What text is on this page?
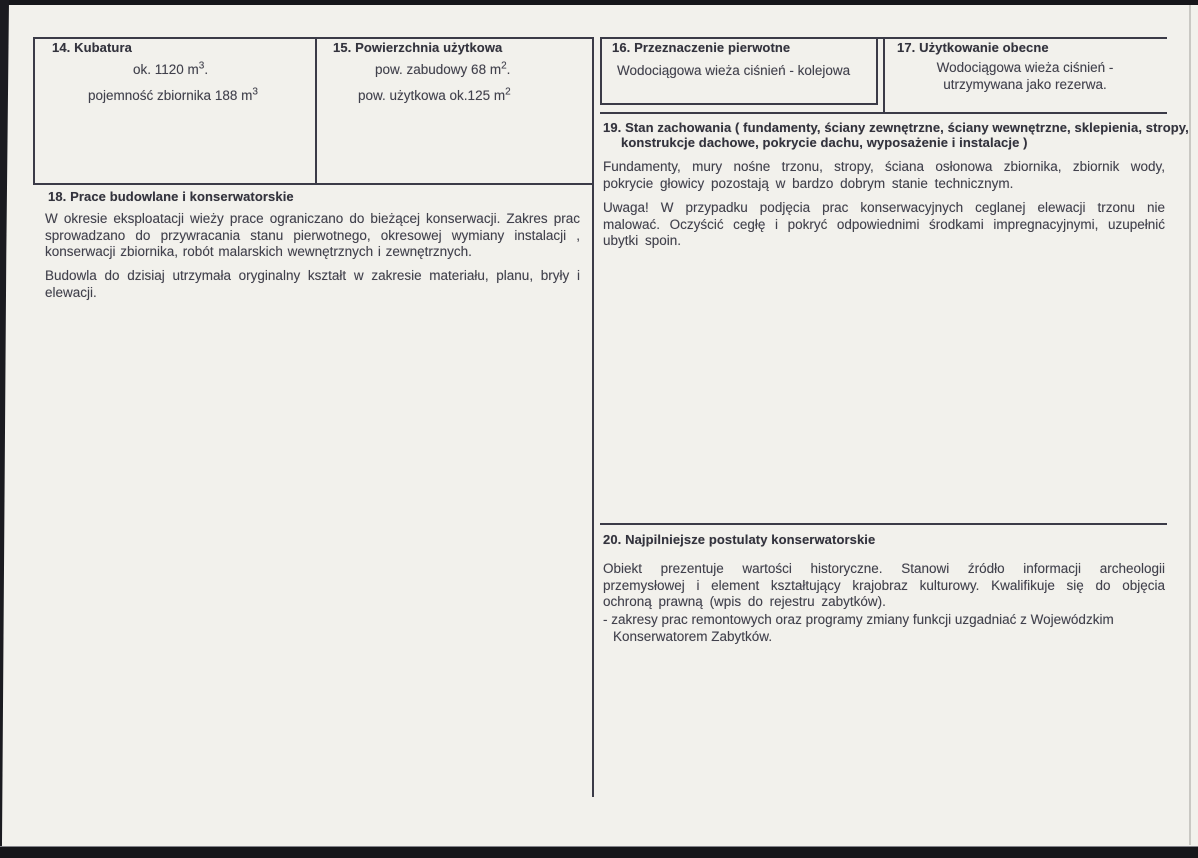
14. Kubatura
ok. 1120 $m^3$.
pojemność zbiornika 188 $m^3$
15. Powierzchnia użytkowa
pow. zabudowy 68 $m^2$.
pow. użytkowa ok.125 $m^2$
16. Przeznaczenie pierwotne
Wodociągowa wieża ciśnień - kolejowa
17. Użytkowanie obecne
Wodociągowa wieża ciśnień -
utrzymywana jako rezerwa.
19. Stan zachowania ( fundamenty, ściany zewnętrzne, ściany wewnętrzne, sklepienia, stropy,
konstrukcje dachowe, pokrycie dachu, wyposażenie i instalacje )
Fundamenty, mury nośne trzonu, stropy, ściana osłonowa zbiornika, zbiornik wody, pokrycie głowicy pozostają w bardzo dobrym stanie technicznym.
Uwaga! W przypadku podjęcia prac konserwacyjnych ceglanej elewacji trzonu nie malować. Oczyścić cegłę i pokryć odpowiednimi środkami impregnacyjnymi, uzupełnić ubytki spoin.
18. Prace budowlane i konserwatorskie
W okresie eksploatacji wieży prace ograniczano do bieżącej konserwacji. Zakres prac sprowadzano do przywracania stanu pierwotnego, okresowej wymiany instalacji , konserwacji zbiornika, robót malarskich wewnętrznych i zewnętrznych.
Budowla do dzisiaj utrzymała oryginalny kształt w zakresie materiału, planu, bryły i elewacji.
20. Najpilniejsze postulaty konserwatorskie
Obiekt prezentuje wartości historyczne. Stanowi źródło informacji archeologii przemysłowej i element kształtujący krajobraz kulturowy. Kwalifikuje się do objęcia ochroną prawną (wpis do rejestru zabytków).
- zakresy prac remontowych oraz programy zmiany funkcji uzgadniać z Wojewódzkim
Konserwatorem Zabytków.
